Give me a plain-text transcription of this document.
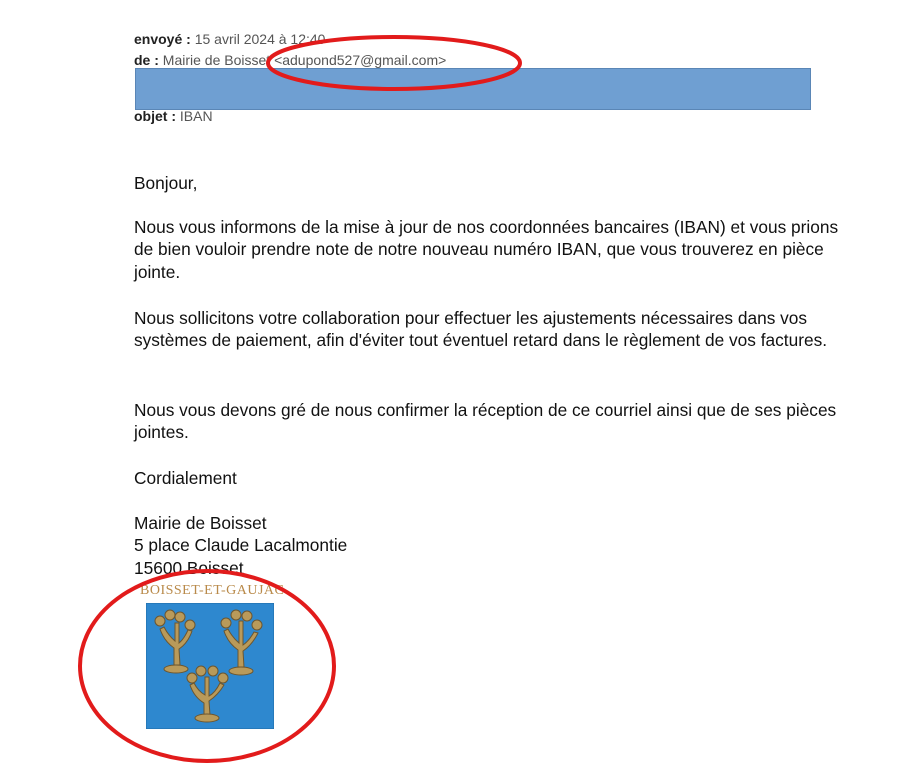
envoyé : 15 avril 2024 à 12:40
de : Mairie de Boisset <adupond527@gmail.com>
objet : IBAN
Bonjour,
Nous vous informons de la mise à jour de nos coordonnées bancaires (IBAN) et vous prions de bien vouloir prendre note de notre nouveau numéro IBAN, que vous trouverez en pièce jointe.
Nous sollicitons votre collaboration pour effectuer les ajustements nécessaires dans vos systèmes de paiement, afin d'éviter tout éventuel retard dans le règlement de vos factures.
Nous vous devons gré de nous confirmer la réception de ce courriel ainsi que de ses pièces jointes.
Cordialement
Mairie de Boisset
5 place Claude Lacalmontie
15600 Boisset
BOISSET-ET-GAUJAC
